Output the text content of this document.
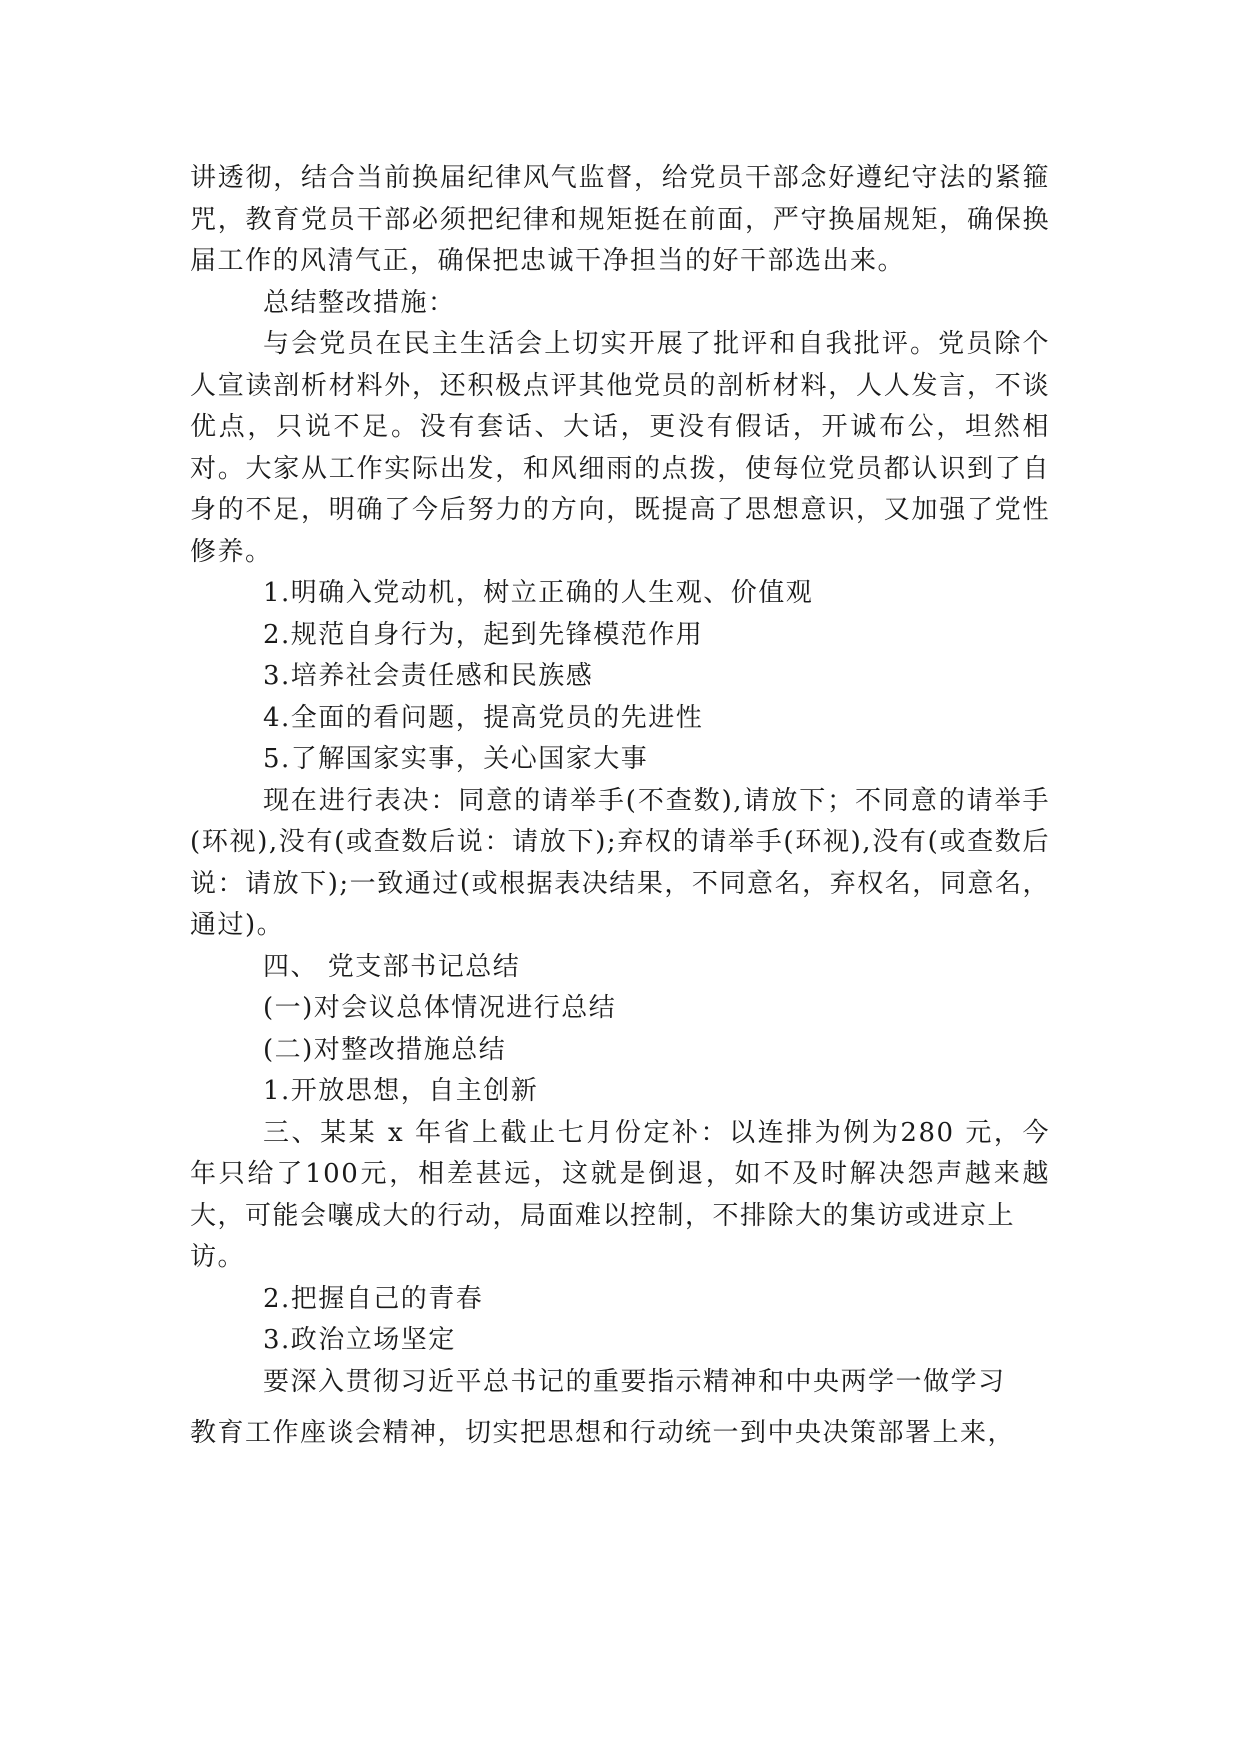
讲透彻，结合当前换届纪律风气监督，给党员干部念好遵纪守法的紧箍咒，教育党员干部必须把纪律和规矩挺在前面，严守换届规矩，确保换届工作的风清气正，确保把忠诚干净担当的好干部选出来。

总结整改措施：

与会党员在民主生活会上切实开展了批评和自我批评。党员除个人宣读剖析材料外，还积极点评其他党员的剖析材料，人人发言，不谈优点，只说不足。没有套话、大话，更没有假话，开诚布公，坦然相对。大家从工作实际出发，和风细雨的点拨，使每位党员都认识到了自身的不足，明确了今后努力的方向，既提高了思想意识，又加强了党性修养。

1.明确入党动机，树立正确的人生观、价值观

2.规范自身行为，起到先锋模范作用

3.培养社会责任感和民族感

4.全面的看问题，提高党员的先进性

5.了解国家实事，关心国家大事

现在进行表决：同意的请举手(不查数),请放下；不同意的请举手(环视),没有(或查数后说：请放下);弃权的请举手(环视),没有(或查数后说：请放下);一致通过(或根据表决结果，不同意名，弃权名，同意名，通过)。

四、 党支部书记总结

(一)对会议总体情况进行总结

(二)对整改措施总结

1.开放思想，自主创新

三、某某 x 年省上截止七月份定补：以连排为例为280 元，今 年只给了100元，相差甚远，这就是倒退，如不及时解决怨声越来越 大，可能会嚷成大的行动，局面难以控制，不排除大的集访或进京上

访。

2.把握自己的青春

3.政治立场坚定

要深入贯彻习近平总书记的重要指示精神和中央两学一做学习

教育工作座谈会精神，切实把思想和行动统一到中央决策部署上来，
